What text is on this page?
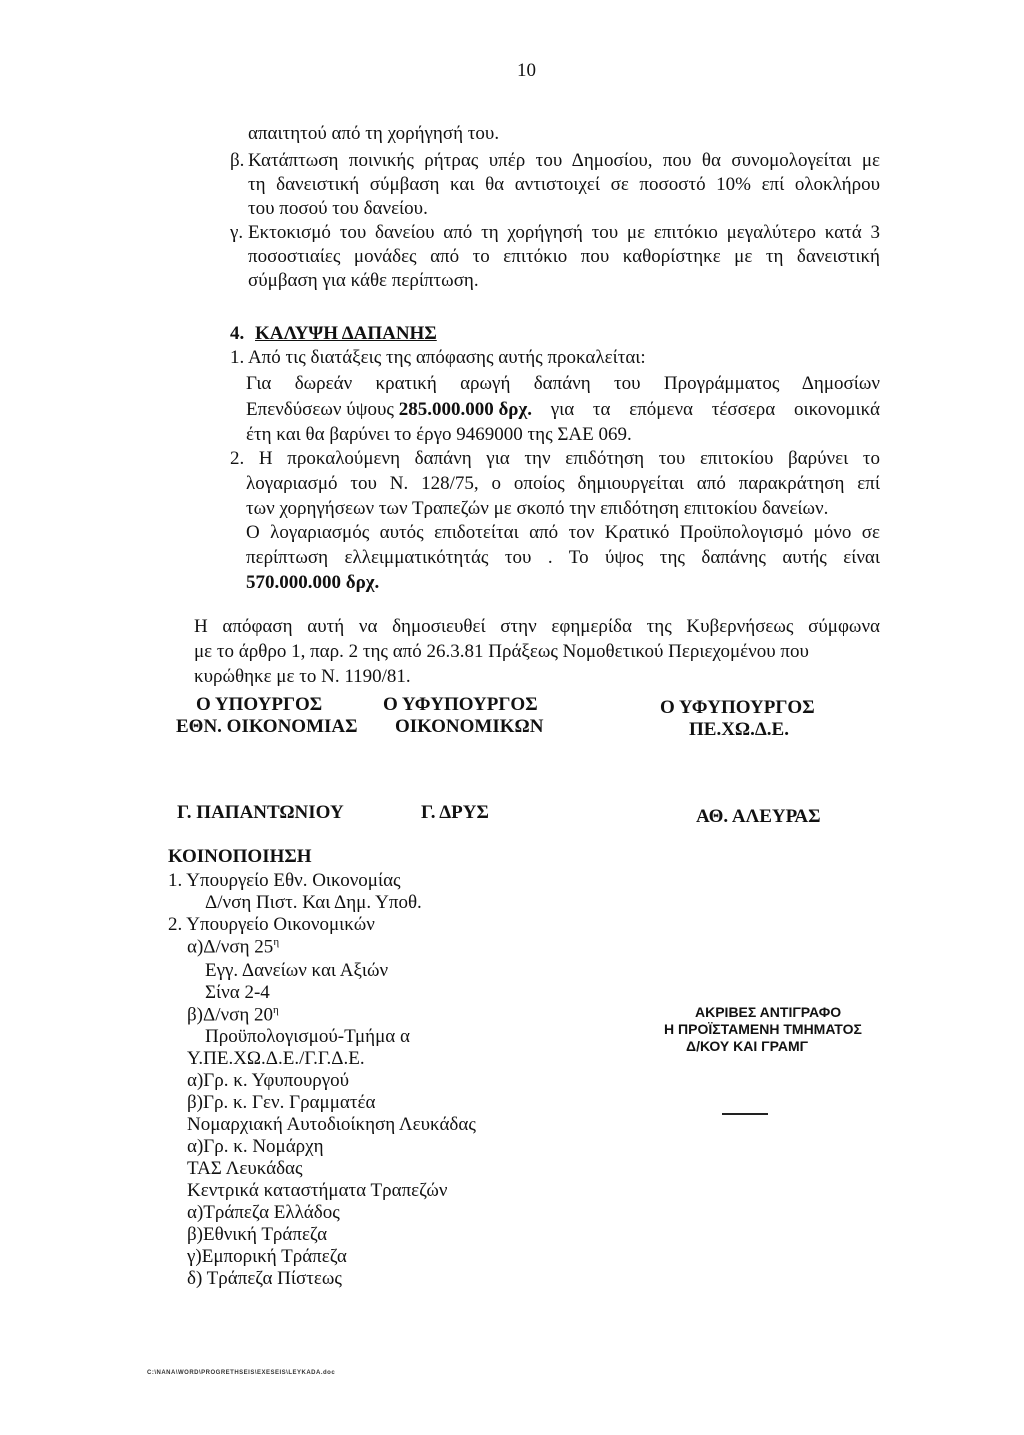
10
απαιτητού από τη χορήγησή του.
β. Κατάπτωση ποινικής ρήτρας υπέρ του Δημοσίου, που θα συνομολογείται με
τη δανειστική σύμβαση και θα αντιστοιχεί σε ποσοστό 10% επί ολοκλήρου
του ποσού του δανείου.
γ. Εκτοκισμό του δανείου από τη χορήγησή του με επιτόκιο μεγαλύτερο κατά 3
ποσοστιαίες μονάδες από το επιτόκιο που καθορίστηκε με τη δανειστική
σύμβαση για κάθε περίπτωση.
4. ΚΑΛΥΨΗ ΔΑΠΑΝΗΣ
1. Από τις διατάξεις της απόφασης αυτής προκαλείται:
Για δωρεάν κρατική αρωγή δαπάνη του Προγράμματος Δημοσίων
Επενδύσεων ύψους 285.000.000 δρχ. για τα επόμενα τέσσερα οικονομικά
έτη και θα βαρύνει το έργο 9469000 της ΣΑΕ 069.
2. Η προκαλούμενη δαπάνη για την επιδότηση του επιτοκίου βαρύνει το
λογαριασμό του Ν. 128/75, ο οποίος δημιουργείται από παρακράτηση επί
των χορηγήσεων των Τραπεζών με σκοπό την επιδότηση επιτοκίου δανείων.
Ο λογαριασμός αυτός επιδοτείται από τον Κρατικό Προϋπολογισμό μόνο σε
περίπτωση ελλειμματικότητάς του . Το ύψος της δαπάνης αυτής είναι
570.000.000 δρχ.
Η απόφαση αυτή να δημοσιευθεί στην εφημερίδα της Κυβερνήσεως σύμφωνα
με το άρθρο 1, παρ. 2 της από 26.3.81 Πράξεως Νομοθετικού Περιεχομένου που
κυρώθηκε με το Ν. 1190/81.
Ο ΥΠΟΥΡΓΟΣ
ΕΘΝ. ΟΙΚΟΝΟΜΙΑΣ
Ο ΥΦΥΠΟΥΡΓΟΣ
ΟΙΚΟΝΟΜΙΚΩΝ
Ο ΥΦΥΠΟΥΡΓΟΣ
ΠΕ.ΧΩ.Δ.Ε.
Γ. ΠΑΠΑΝΤΩΝΙΟΥ	Γ. ΔΡΥΣ	ΑΘ. ΑΛΕΥΡΑΣ
ΚΟΙΝΟΠΟΙΗΣΗ
1. Υπουργείο Εθν. Οικονομίας
Δ/νση Πιστ. Και Δημ. Υποθ.
2. Υπουργείο Οικονομικών
α)Δ/νση $25^\eta$
Εγγ. Δανείων και Αξιών
Σίνα 2-4
β)Δ/νση $20^\eta$
Προϋπολογισμού-Τμήμα α
Υ.ΠΕ.ΧΩ.Δ.Ε./Γ.Γ.Δ.Ε.
α)Γρ. κ. Υφυπουργού
β)Γρ. κ. Γεν. Γραμματέα
Νομαρχιακή Αυτοδιοίκηση Λευκάδας
α)Γρ. κ. Νομάρχη
ΤΑΣ Λευκάδας
Κεντρικά καταστήματα Τραπεζών
α)Τράπεζα Ελλάδος
β)Εθνική Τράπεζα
γ)Εμπορική Τράπεζα
δ) Τράπεζα Πίστεως
ΑΚΡΙΒΕΣ ΑΝΤΙΓΡΑΦΟ
Η ΠΡΟΪΣΤΑΜΕΝΗ ΤΜΗΜΑΤΟΣ
Δ/ΚΟΥ ΚΑΙ ΓΡΑΜΓ
C:\NANA\WORD\PROGRETHSEIS\EXESEIS\LEYKADA.doc
